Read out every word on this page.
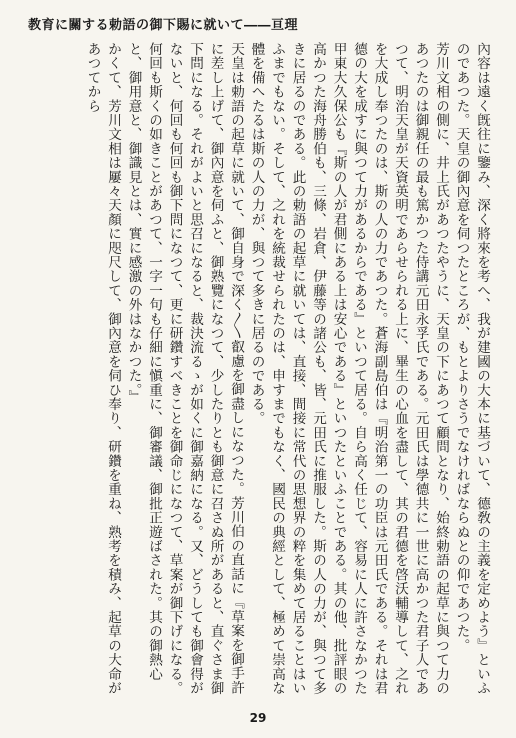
教育に關する勅語の御下賜に就いて――亘理

內容は遠く旣往に鑒み、深く將來を考へ、我が建國の大本に基づいて、德敎の主義を定めよう』といふのであつた。天皇の御內意を伺つたところが、もとよりさうでなければならぬとの仰であつた。

芳川文相の側に、井上氏があつたやうに、天皇の下にあつて顧問となり、始終勅語の起草に與つて力のあつたのは御親任の最も篤かつた侍講元田永孚氏である。元田氏は學德共に一世に高かつた君子人であつて、明治天皇が天資英明であらせられる上に、畢生の心血を盡して、其の君德を啓沃輔導して、之れを大成し奉つたのは、斯の人の力であつた。蒼海副島伯は『明治第一の功臣は元田氏である。それは君德の大を成すに與つて力があるからである』といつて居る。自ら高く任じて、容易に人に許さなかつた甲東大久保公も『斯の人が君側にある上は安心である』といつたといふことである。其の他、批評眼の高かつた海舟勝伯も、三條、岩倉、伊藤等の諸公も、皆、元田氏に推服した。斯の人の力が、與つて多きに居るのである。此の勅語の起草に就いては、直接、間接に常代の思想界の粹を集めて居ることはいふまでもない。そして、之れを統裁せられたのは、申すまでもなく、國民の典經として、極めて崇高な體を備へたるは斯の人の力が、與つて多きに居るのである。

天皇は勅語の起草に就いて、御自身で深く〳〵叡慮を御盡しになつた。芳川伯の直話に『草案を御手許に差し上げて、御內意を伺ふと、御熟覽になつて、少したりとも御意に召さぬ所があると、直ぐさま御下問になる。それがよいと思召になると、裁決流るゝが如くに御嘉納になる。又、どうしても御會得がないと、何回も何回も御下問になつて、更に研鑽すべきことを御命じになつて、草案が御下げになる。何回も斯くの如きことがあつて、一字一句も仔細に愼重に、御審議、御批正遊ばされた。其の御熱心と、御用意と、御識見とは、實に感激の外はなかつた。』

かくて、芳川文相は屢々天顏に咫尺して、御內意を伺ひ奉り、研鑽を重ね、熟考を積み、起草の大命があつてから

29
